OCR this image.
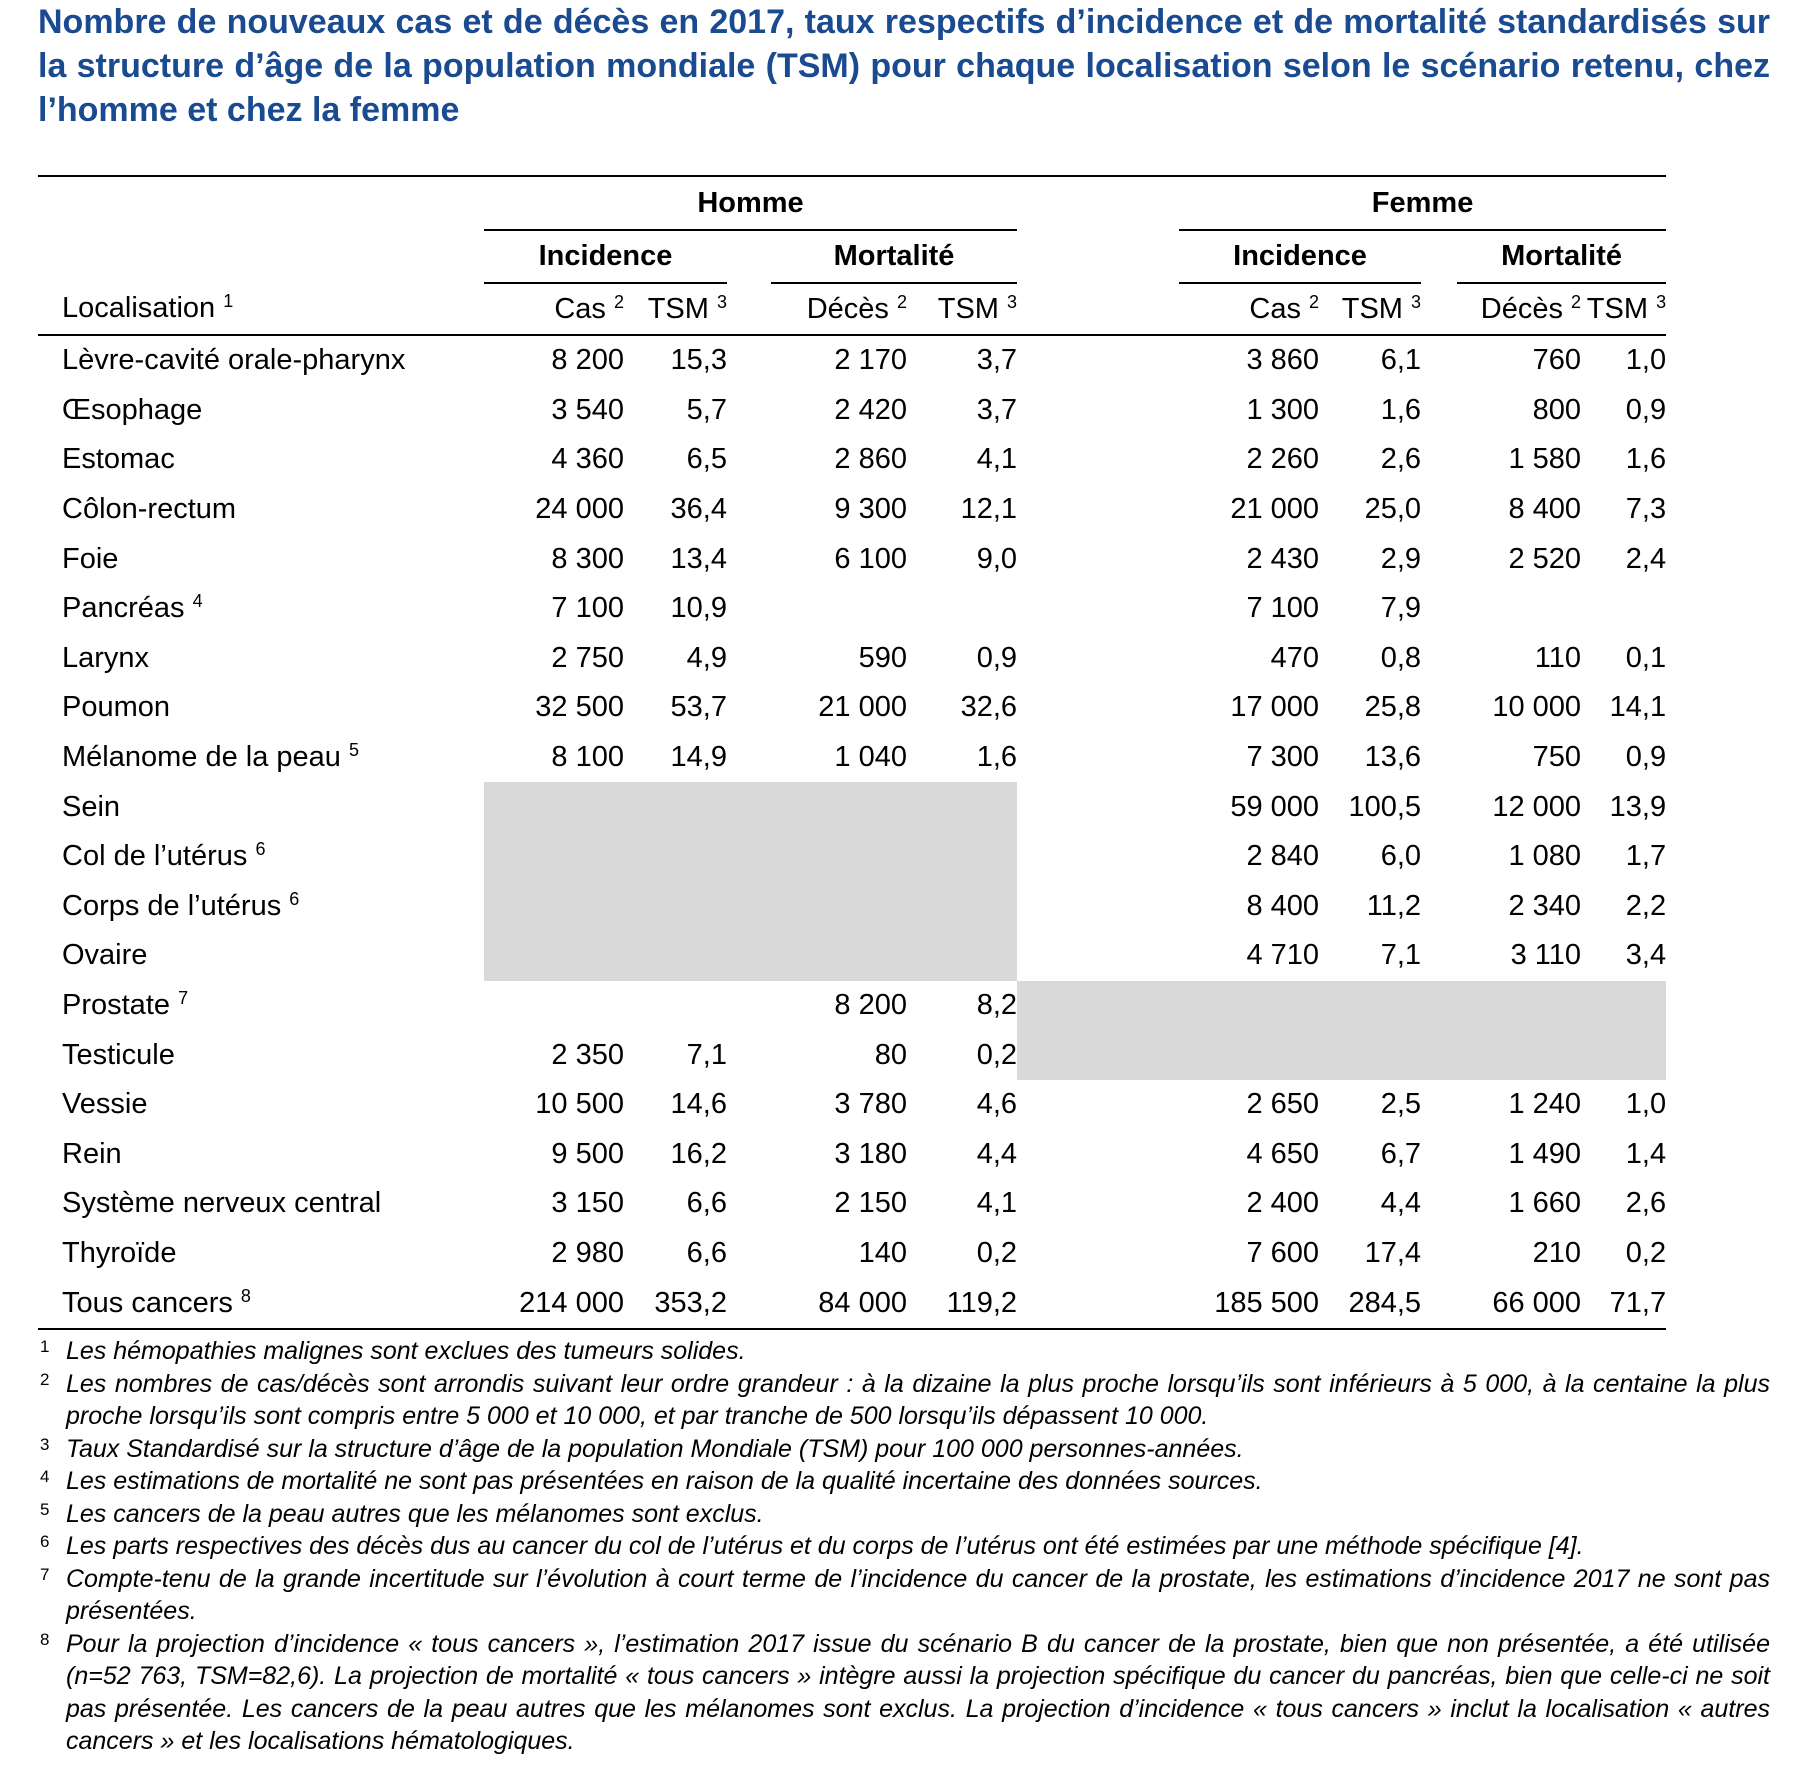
Nombre de nouveaux cas et de décès en 2017, taux respectifs d’incidence et de mortalité standardisés sur la structure d’âge de la population mondiale (TSM) pour chaque localisation selon le scénario retenu, chez l’homme et chez la femme
	Homme						Femme				
	Incidence			Mortalité			Incidence			Mortalité	
Localisation $^1$	Cas $^2$	TSM $^3$		Décès $^2$	TSM $^3$		Cas $^2$	TSM $^3$		Décès $^2$	TSM $^3$
Lèvre-cavité orale-pharynx	8 200	15,3		2 170	3,7		3 860	6,1		760	1,0
Œsophage	3 540	5,7		2 420	3,7		1 300	1,6		800	0,9
Estomac	4 360	6,5		2 860	4,1		2 260	2,6		1 580	1,6
Côlon-rectum	24 000	36,4		9 300	12,1		21 000	25,0		8 400	7,3
Foie	8 300	13,4		6 100	9,0		2 430	2,9		2 520	2,4
Pancréas $^4$	7 100	10,9					7 100	7,9			
Larynx	2 750	4,9		590	0,9		470	0,8		110	0,1
Poumon	32 500	53,7		21 000	32,6		17 000	25,8		10 000	14,1
Mélanome de la peau $^5$	8 100	14,9		1 040	1,6		7 300	13,6		750	0,9
Sein							59 000	100,5		12 000	13,9
Col de l’utérus $^6$							2 840	6,0		1 080	1,7
Corps de l’utérus $^6$							8 400	11,2		2 340	2,2
Ovaire							4 710	7,1		3 110	3,4
Prostate $^7$				8 200	8,2						
Testicule	2 350	7,1		80	0,2						
Vessie	10 500	14,6		3 780	4,6		2 650	2,5		1 240	1,0
Rein	9 500	16,2		3 180	4,4		4 650	6,7		1 490	1,4
Système nerveux central	3 150	6,6		2 150	4,1		2 400	4,4		1 660	2,6
Thyroïde	2 980	6,6		140	0,2		7 600	17,4		210	0,2
Tous cancers $^8$	214 000	353,2		84 000	119,2		185 500	284,5		66 000	71,7
1 Les hémopathies malignes sont exclues des tumeurs solides.
2 Les nombres de cas/décès sont arrondis suivant leur ordre grandeur : à la dizaine la plus proche lorsqu’ils sont inférieurs à 5 000, à la centaine la plus proche lorsqu’ils sont compris entre 5 000 et 10 000, et par tranche de 500 lorsqu’ils dépassent 10 000.
3 Taux Standardisé sur la structure d’âge de la population Mondiale (TSM) pour 100 000 personnes-années.
4 Les estimations de mortalité ne sont pas présentées en raison de la qualité incertaine des données sources.
5 Les cancers de la peau autres que les mélanomes sont exclus.
6 Les parts respectives des décès dus au cancer du col de l’utérus et du corps de l’utérus ont été estimées par une méthode spécifique [4].
7 Compte-tenu de la grande incertitude sur l’évolution à court terme de l’incidence du cancer de la prostate, les estimations d’incidence 2017 ne sont pas présentées.
8 Pour la projection d’incidence « tous cancers », l’estimation 2017 issue du scénario B du cancer de la prostate, bien que non présentée, a été utilisée (n=52 763, TSM=82,6). La projection de mortalité « tous cancers » intègre aussi la projection spécifique du cancer du pancréas, bien que celle-ci ne soit pas présentée. Les cancers de la peau autres que les mélanomes sont exclus. La projection d’incidence « tous cancers » inclut la localisation « autres cancers » et les localisations hématologiques.
